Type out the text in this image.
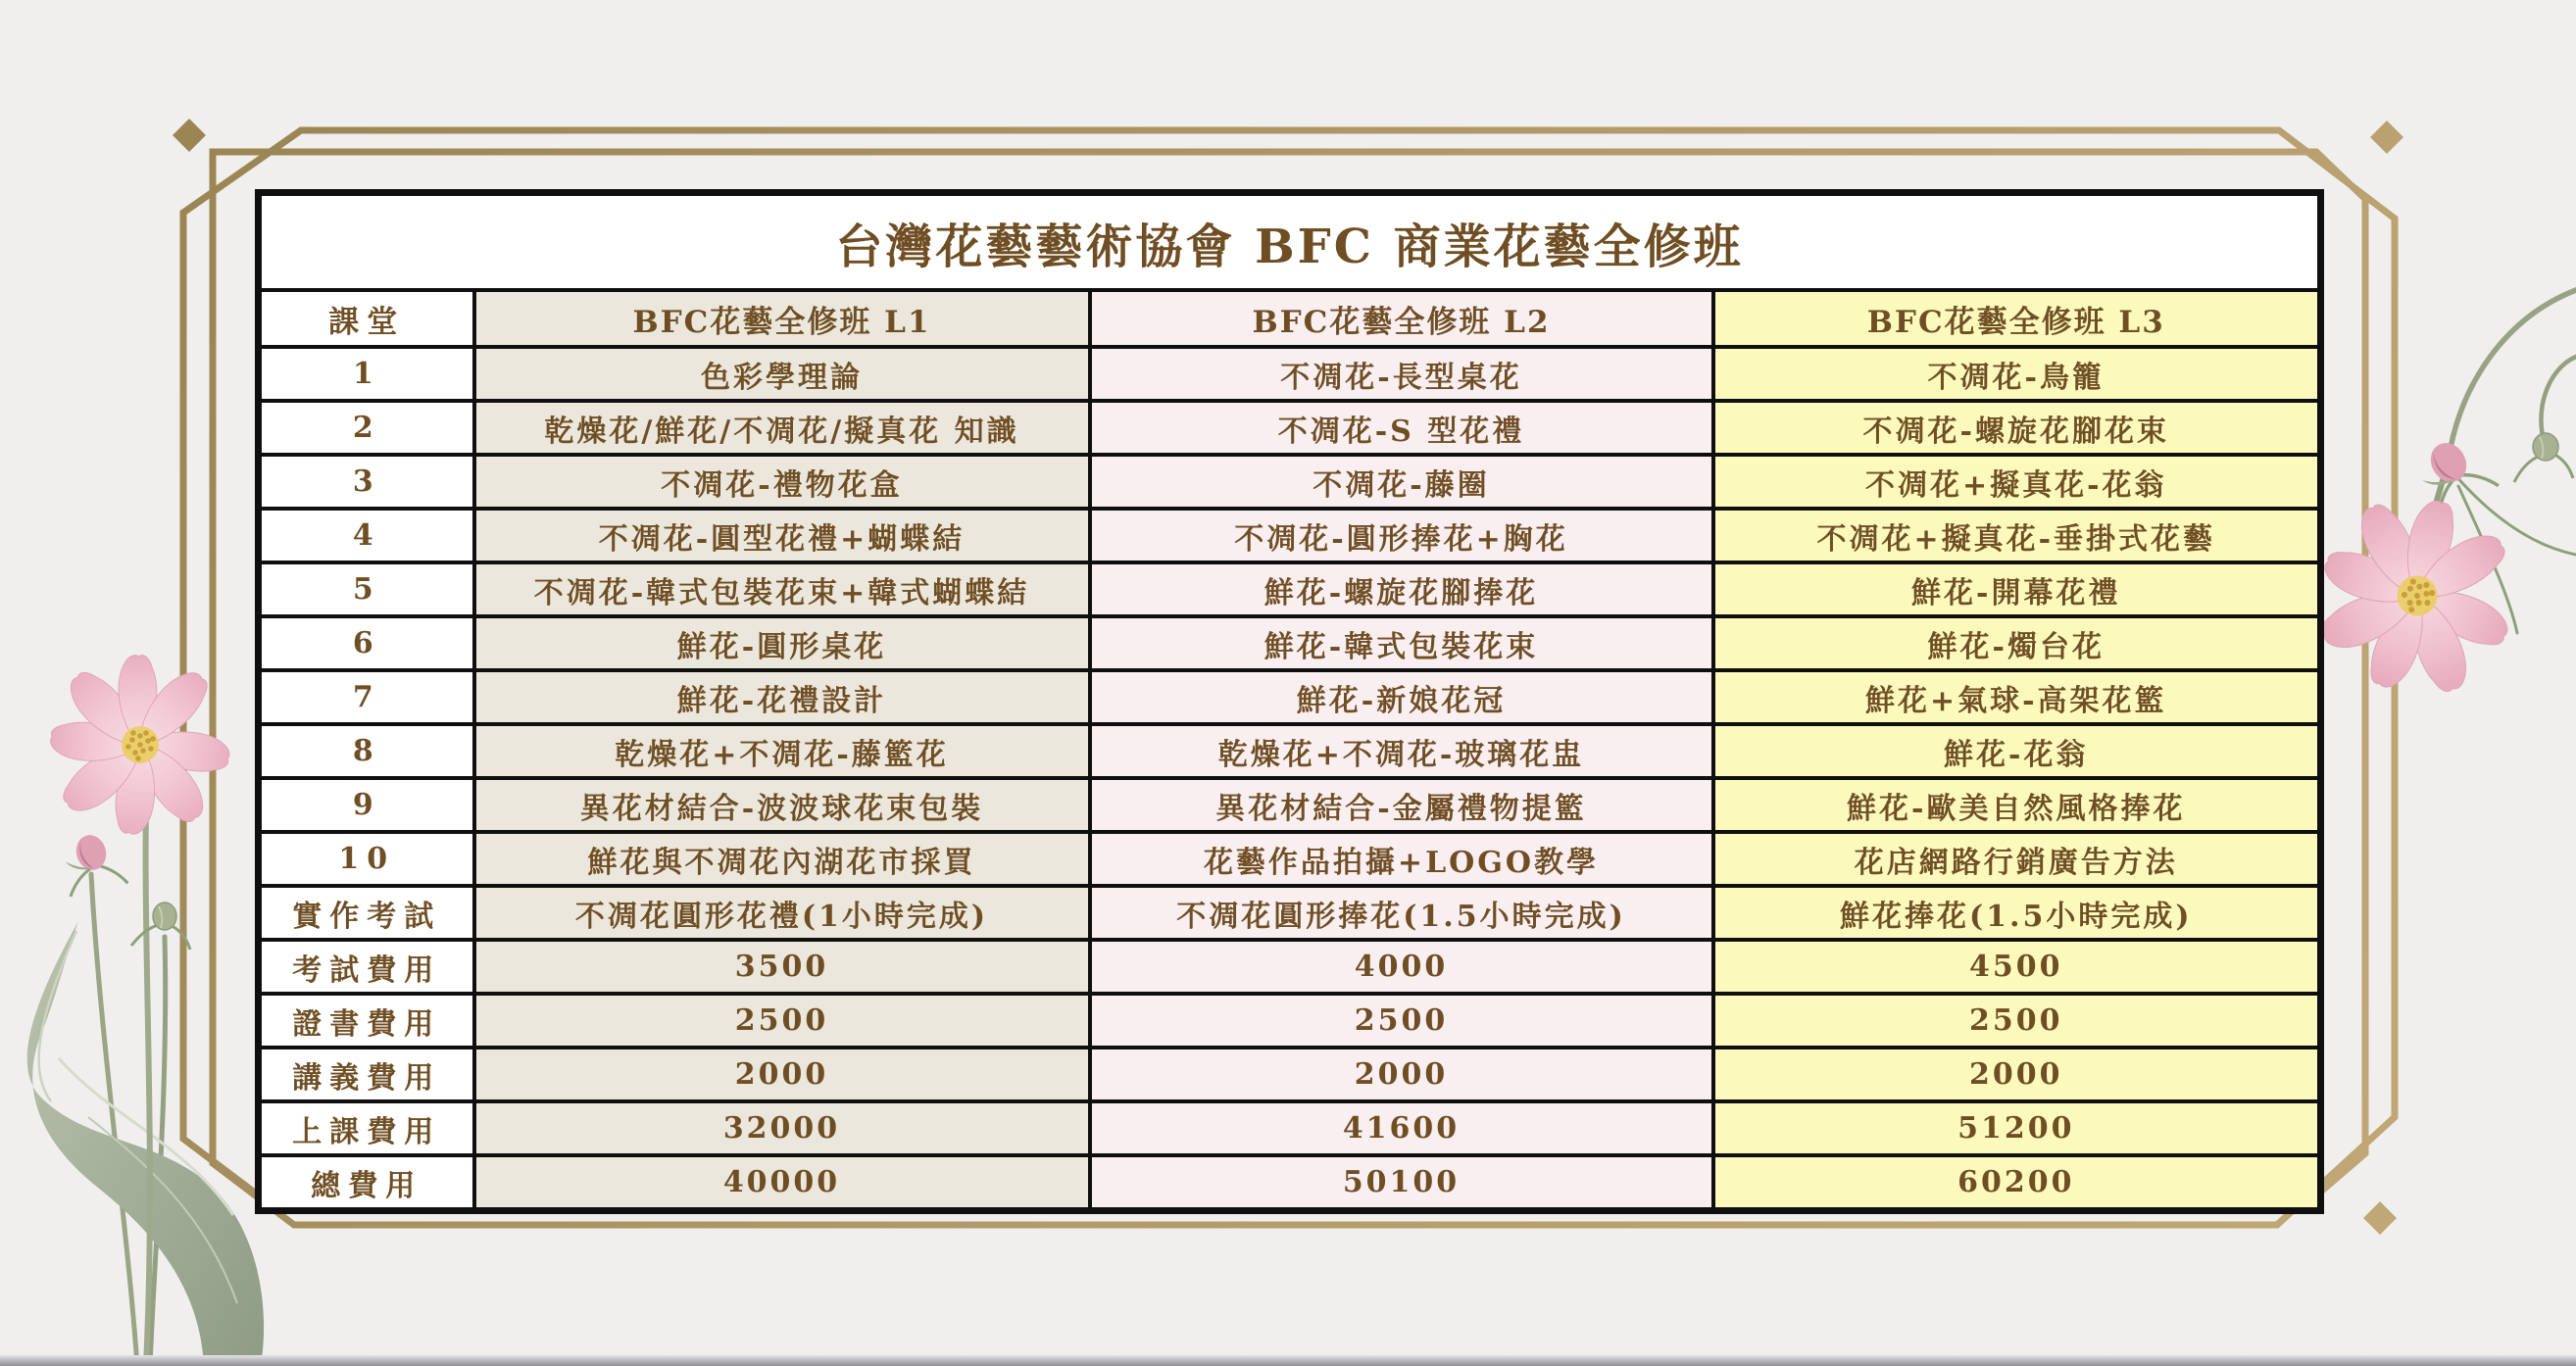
台灣花藝藝術協會 BFC 商業花藝全修班			
課堂	BFC花藝全修班 L1	BFC花藝全修班 L2	BFC花藝全修班 L3
1	色彩學理論	不凋花-長型桌花	不凋花-鳥籠
2	乾燥花/鮮花/不凋花/擬真花 知識	不凋花-S 型花禮	不凋花-螺旋花腳花束
3	不凋花-禮物花盒	不凋花-藤圈	不凋花+擬真花-花翁
4	不凋花-圓型花禮+蝴蝶結	不凋花-圓形捧花+胸花	不凋花+擬真花-垂掛式花藝
5	不凋花-韓式包裝花束+韓式蝴蝶結	鮮花-螺旋花腳捧花	鮮花-開幕花禮
6	鮮花-圓形桌花	鮮花-韓式包裝花束	鮮花-燭台花
7	鮮花-花禮設計	鮮花-新娘花冠	鮮花+氣球-高架花籃
8	乾燥花+不凋花-藤籃花	乾燥花+不凋花-玻璃花盅	鮮花-花翁
9	異花材結合-波波球花束包裝	異花材結合-金屬禮物提籃	鮮花-歐美自然風格捧花
10	鮮花與不凋花內湖花市採買	花藝作品拍攝+LOGO教學	花店網路行銷廣告方法
實作考試	不凋花圓形花禮(1小時完成)	不凋花圓形捧花(1.5小時完成)	鮮花捧花(1.5小時完成)
考試費用	3500	4000	4500
證書費用	2500	2500	2500
講義費用	2000	2000	2000
上課費用	32000	41600	51200
總費用	40000	50100	60200
